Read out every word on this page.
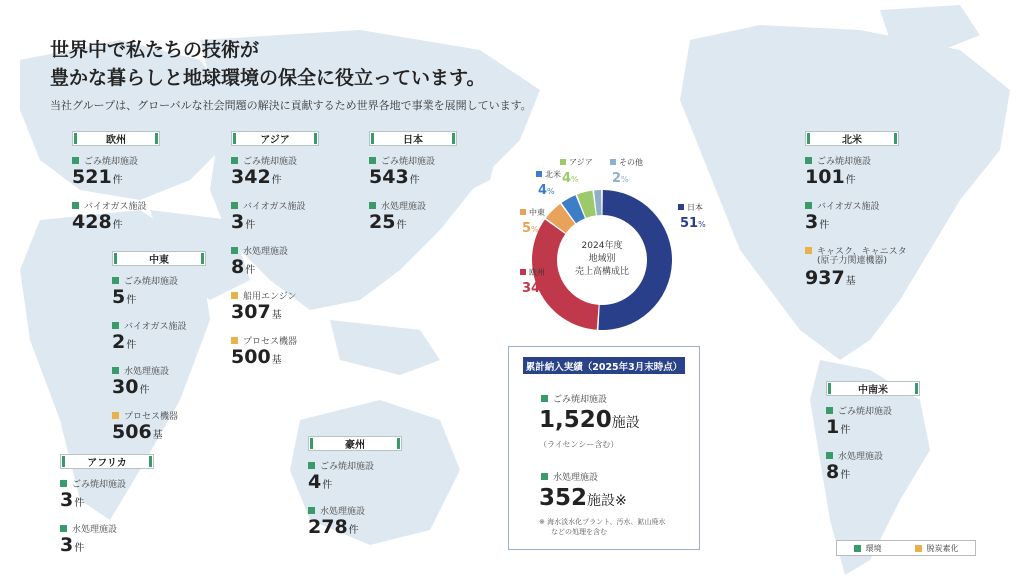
世界中で私たちの技術が
豊かな暮らしと地球環境の保全に役立っています。
当社グループは、グローバルな社会問題の解決に貢献するため世界各地で事業を展開しています。
欧州
ごみ焼却施設
521件
バイオガス施設
428件
アジア
ごみ焼却施設
342件
バイオガス施設
3件
水処理施設
8件
船用エンジン
307基
プロセス機器
500基
日本
ごみ焼却施設
543件
水処理施設
25件
中東
ごみ焼却施設
5件
バイオガス施設
2件
水処理施設
30件
プロセス機器
506基
アフリカ
ごみ焼却施設
3件
水処理施設
3件
豪州
ごみ焼却施設
4件
水処理施設
278件
北米
ごみ焼却施設
101件
バイオガス施設
3件
キャスク、キャニスタ
(原子力関連機器)
937基
中南米
ごみ焼却施設
1件
水処理施設
8件
日本
51%
欧州
34%
中東
5%
北米
4%
アジア
4%
その他
2%
2024年度
地域別
売上高構成比
累計納入実績（2025年3月末時点）
ごみ焼却施設
1,520施設
（ライセンシー含む）
水処理施設
352施設※
※ 海水淡水化プラント、汚水、鉱山廃水
などの処理を含む
環境	脱炭素化
